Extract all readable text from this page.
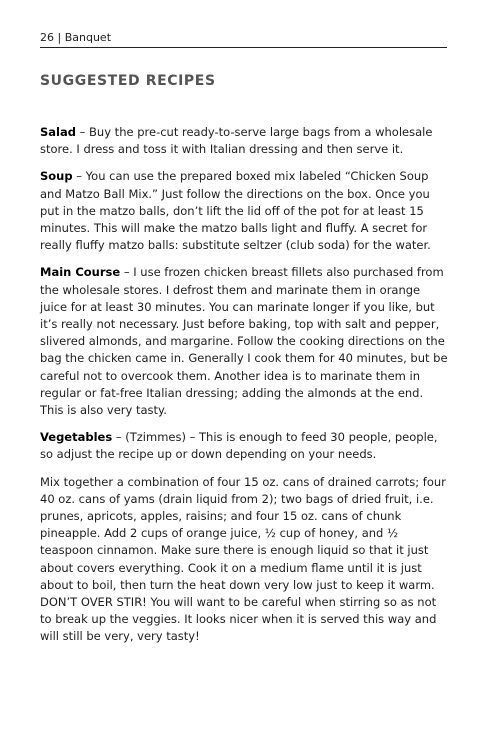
26 | Banquet
SUGGESTED RECIPES

Salad – Buy the pre-cut ready-to-serve large bags from a wholesale store. I dress and toss it with Italian dressing and then serve it.

Soup – You can use the prepared boxed mix labeled “Chicken Soup and Matzo Ball Mix.” Just follow the directions on the box. Once you put in the matzo balls, don’t lift the lid off of the pot for at least 15 minutes. This will make the matzo balls light and fluffy. A secret for really fluffy matzo balls: substitute seltzer (club soda) for the water.

Main Course – I use frozen chicken breast fillets also purchased from the wholesale stores. I defrost them and marinate them in orange juice for at least 30 minutes. You can marinate longer if you like, but it’s really not necessary. Just before baking, top with salt and pepper, slivered almonds, and margarine. Follow the cooking directions on the bag the chicken came in. Generally I cook them for 40 minutes, but be careful not to overcook them. Another idea is to marinate them in regular or fat-free Italian dressing; adding the almonds at the end. This is also very tasty.

Vegetables – (Tzimmes) – This is enough to feed 30 people, people, so adjust the recipe up or down depending on your needs.

Mix together a combination of four 15 oz. cans of drained carrots; four 40 oz. cans of yams (drain liquid from 2); two bags of dried fruit, i.e. prunes, apricots, apples, raisins; and four 15 oz. cans of chunk pineapple. Add 2 cups of orange juice, ½ cup of honey, and ½ teaspoon cinnamon. Make sure there is enough liquid so that it just about covers everything. Cook it on a medium flame until it is just about to boil, then turn the heat down very low just to keep it warm. DON’T OVER STIR! You will want to be careful when stirring so as not to break up the veggies. It looks nicer when it is served this way and will still be very, very tasty!
